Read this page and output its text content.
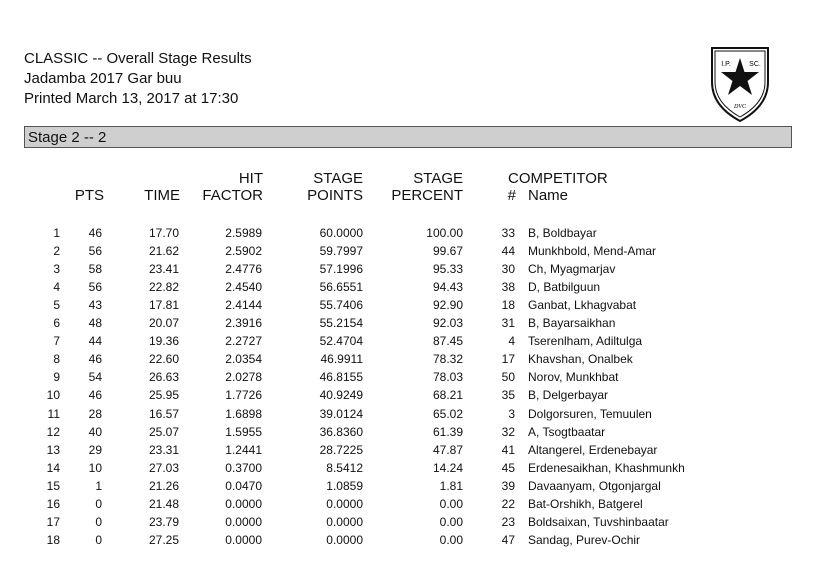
CLASSIC -- Overall Stage Results
Jadamba 2017 Gar buu
Printed March 13, 2017 at 17:30
I.P.	SC.
DVC
Stage 2 -- 2
PTS	TIME
HIT
FACTOR
STAGE
POINTS
STAGE
PERCENT
COMPETITOR
# Name
1	46	17.70	2.5989	60.0000	100.00	33 B, Boldbayar
2	56	21.62	2.5902	59.7997	99.67	44 Munkhbold, Mend-Amar
3	58	23.41	2.4776	57.1996	95.33	30 Ch, Myagmarjav
4	56	22.82	2.4540	56.6551	94.43	38 D, Batbilguun
5	43	17.81	2.4144	55.7406	92.90	18 Ganbat, Lkhagvabat
6	48	20.07	2.3916	55.2154	92.03	31 B, Bayarsaikhan
7	44	19.36	2.2727	52.4704	87.45	4 Tserenlham, Adiltulga
8	46	22.60	2.0354	46.9911	78.32	17 Khavshan, Onalbek
9	54	26.63	2.0278	46.8155	78.03	50 Norov, Munkhbat
10	46	25.95	1.7726	40.9249	68.21	35 B, Delgerbayar
11	28	16.57	1.6898	39.0124	65.02	3 Dolgorsuren, Temuulen
12	40	25.07	1.5955	36.8360	61.39	32 A, Tsogtbaatar
13	29	23.31	1.2441	28.7225	47.87	41 Altangerel, Erdenebayar
14	10	27.03	0.3700	8.5412	14.24	45 Erdenesaikhan, Khashmunkh
15	1	21.26	0.0470	1.0859	1.81	39 Davaanyam, Otgonjargal
16	0	21.48	0.0000	0.0000	0.00	22 Bat-Orshikh, Batgerel
17	0	23.79	0.0000	0.0000	0.00	23 Boldsaixan, Tuvshinbaatar
18	0	27.25	0.0000	0.0000	0.00	47 Sandag, Purev-Ochir
